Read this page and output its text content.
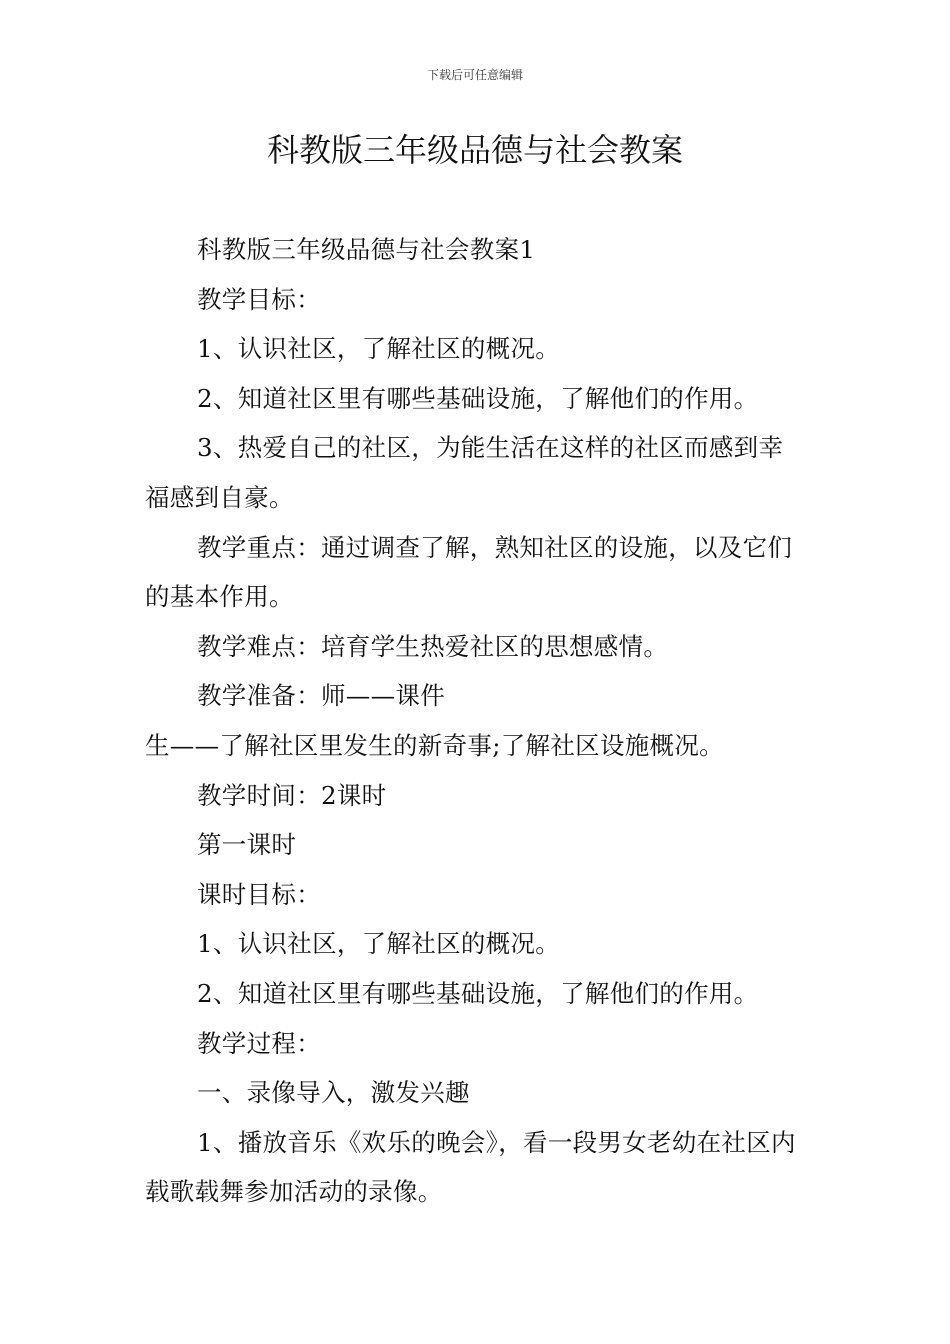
下载后可任意编辑
科教版三年级品德与社会教案

科教版三年级品德与社会教案1

教学目标：

1、认识社区，了解社区的概况。

2、知道社区里有哪些基础设施，了解他们的作用。

3、热爱自己的社区，为能生活在这样的社区而感到幸福感到自豪。

教学重点：通过调查了解，熟知社区的设施，以及它们的基本作用。

教学难点：培育学生热爱社区的思想感情。

教学准备：师——课件

生——了解社区里发生的新奇事;了解社区设施概况。

教学时间：2课时

第一课时

课时目标：

1、认识社区，了解社区的概况。

2、知道社区里有哪些基础设施，了解他们的作用。

教学过程：

一、录像导入，激发兴趣

1、播放音乐《欢乐的晚会》，看一段男女老幼在社区内载歌载舞参加活动的录像。
